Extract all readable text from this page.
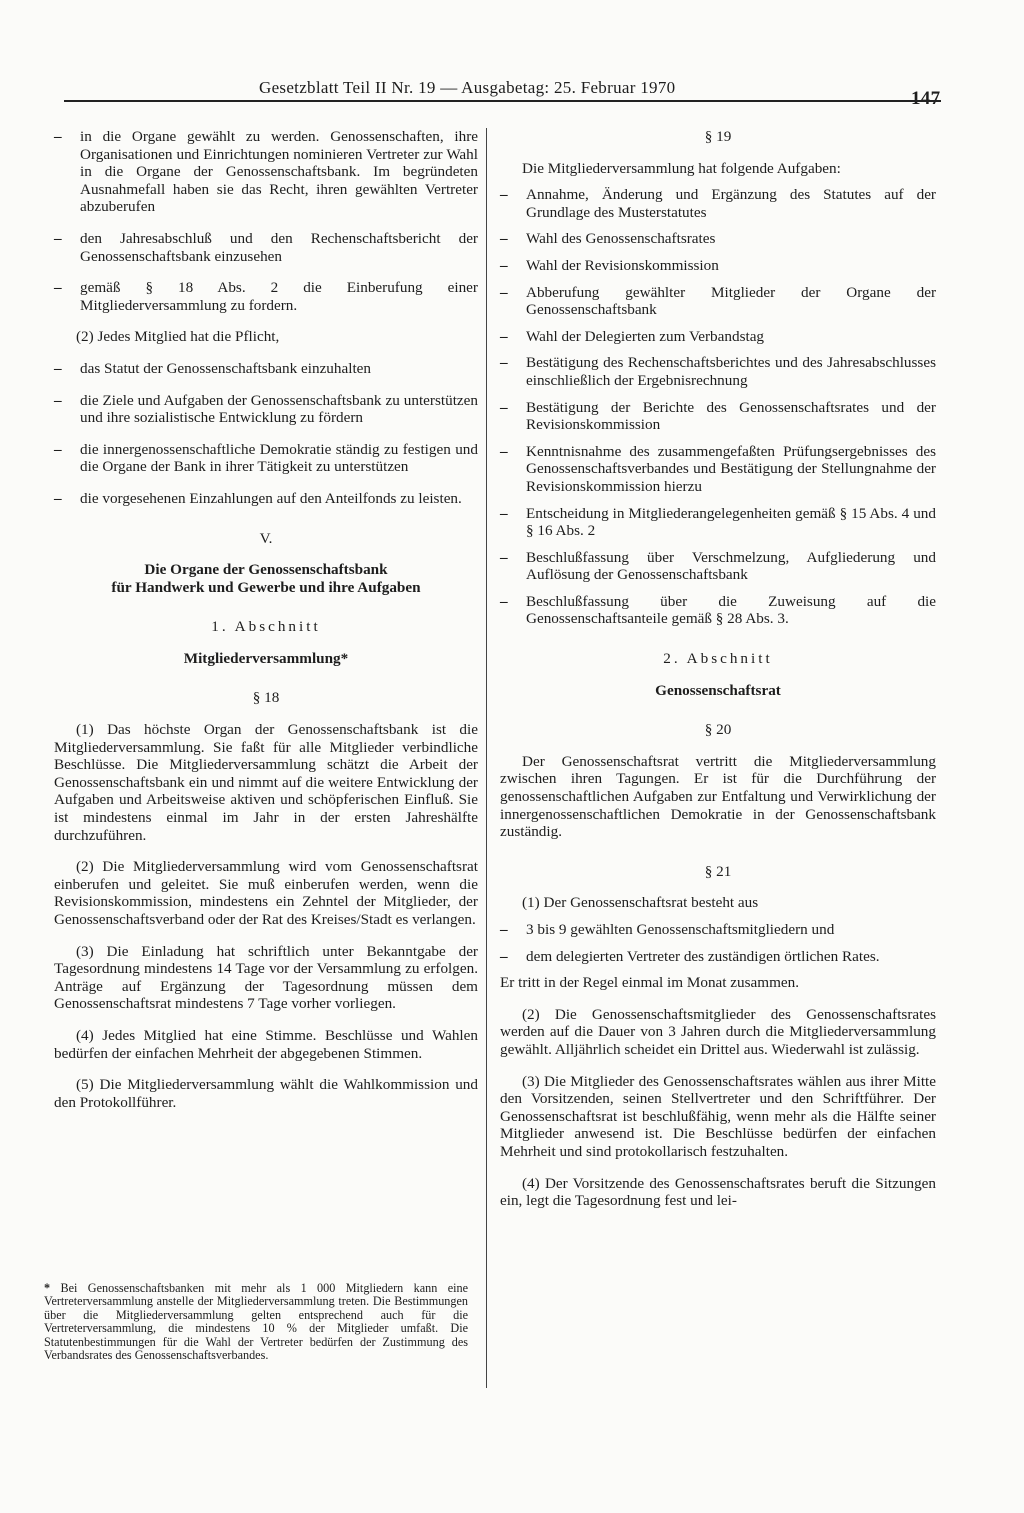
Gesetzblatt Teil II Nr. 19 — Ausgabetag: 25. Februar 1970
147

– in die Organe gewählt zu werden. Genossenschaften, ihre Organisationen und Einrichtungen nominieren Vertreter zur Wahl in die Organe der Genossenschaftsbank. Im begründeten Ausnahmefall haben sie das Recht, ihren gewählten Vertreter abzuberufen

– den Jahresabschluß und den Rechenschaftsbericht der Genossenschaftsbank einzusehen

– gemäß § 18 Abs. 2 die Einberufung einer Mitgliederversammlung zu fordern.

(2) Jedes Mitglied hat die Pflicht,

– das Statut der Genossenschaftsbank einzuhalten

– die Ziele und Aufgaben der Genossenschaftsbank zu unterstützen und ihre sozialistische Entwicklung zu fördern

– die innergenossenschaftliche Demokratie ständig zu festigen und die Organe der Bank in ihrer Tätigkeit zu unterstützen

– die vorgesehenen Einzahlungen auf den Anteilfonds zu leisten.

V.

Die Organe der Genossenschaftsbank

für Handwerk und Gewerbe und ihre Aufgaben

1. Abschnitt

Mitgliederversammlung*

§ 18

(1) Das höchste Organ der Genossenschaftsbank ist die Mitgliederversammlung. Sie faßt für alle Mitglieder verbindliche Beschlüsse. Die Mitgliederversammlung schätzt die Arbeit der Genossenschaftsbank ein und nimmt auf die weitere Entwicklung der Aufgaben und Arbeitsweise aktiven und schöpferischen Einfluß. Sie ist mindestens einmal im Jahr in der ersten Jahreshälfte durchzuführen.

(2) Die Mitgliederversammlung wird vom Genossenschaftsrat einberufen und geleitet. Sie muß einberufen werden, wenn die Revisionskommission, mindestens ein Zehntel der Mitglieder, der Genossenschaftsverband oder der Rat des Kreises/Stadt es verlangen.

(3) Die Einladung hat schriftlich unter Bekanntgabe der Tagesordnung mindestens 14 Tage vor der Versammlung zu erfolgen. Anträge auf Ergänzung der Tagesordnung müssen dem Genossenschaftsrat mindestens 7 Tage vorher vorliegen.

(4) Jedes Mitglied hat eine Stimme. Beschlüsse und Wahlen bedürfen der einfachen Mehrheit der abgegebenen Stimmen.

(5) Die Mitgliederversammlung wählt die Wahlkommission und den Protokollführer.

* Bei Genossenschaftsbanken mit mehr als 1 000 Mitgliedern kann eine Vertreterversammlung anstelle der Mitgliederversammlung treten. Die Bestimmungen über die Mitgliederversammlung gelten entsprechend auch für die Vertreterversammlung, die mindestens 10 % der Mitglieder umfaßt. Die Statutenbestimmungen für die Wahl der Vertreter bedürfen der Zustimmung des Verbandsrates des Genossenschaftsverbandes.

§ 19

Die Mitgliederversammlung hat folgende Aufgaben:

– Annahme, Änderung und Ergänzung des Statutes auf der Grundlage des Musterstatutes

– Wahl des Genossenschaftsrates

– Wahl der Revisionskommission

– Abberufung gewählter Mitglieder der Organe der Genossenschaftsbank

– Wahl der Delegierten zum Verbandstag

– Bestätigung des Rechenschaftsberichtes und des Jahresabschlusses einschließlich der Ergebnisrechnung

– Bestätigung der Berichte des Genossenschaftsrates und der Revisionskommission

– Kenntnisnahme des zusammengefaßten Prüfungsergebnisses des Genossenschaftsverbandes und Bestätigung der Stellungnahme der Revisionskommission hierzu

– Entscheidung in Mitgliederangelegenheiten gemäß § 15 Abs. 4 und § 16 Abs. 2

– Beschlußfassung über Verschmelzung, Aufgliederung und Auflösung der Genossenschaftsbank

– Beschlußfassung über die Zuweisung auf die Genossenschaftsanteile gemäß § 28 Abs. 3.

2. Abschnitt

Genossenschaftsrat

§ 20

Der Genossenschaftsrat vertritt die Mitgliederversammlung zwischen ihren Tagungen. Er ist für die Durchführung der genossenschaftlichen Aufgaben zur Entfaltung und Verwirklichung der innergenossenschaftlichen Demokratie in der Genossenschaftsbank zuständig.

§ 21

(1) Der Genossenschaftsrat besteht aus

– 3 bis 9 gewählten Genossenschaftsmitgliedern und

– dem delegierten Vertreter des zuständigen örtlichen Rates.

Er tritt in der Regel einmal im Monat zusammen.

(2) Die Genossenschaftsmitglieder des Genossenschaftsrates werden auf die Dauer von 3 Jahren durch die Mitgliederversammlung gewählt. Alljährlich scheidet ein Drittel aus. Wiederwahl ist zulässig.

(3) Die Mitglieder des Genossenschaftsrates wählen aus ihrer Mitte den Vorsitzenden, seinen Stellvertreter und den Schriftführer. Der Genossenschaftsrat ist beschlußfähig, wenn mehr als die Hälfte seiner Mitglieder anwesend ist. Die Beschlüsse bedürfen der einfachen Mehrheit und sind protokollarisch festzuhalten.

(4) Der Vorsitzende des Genossenschaftsrates beruft die Sitzungen ein, legt die Tagesordnung fest und lei-
